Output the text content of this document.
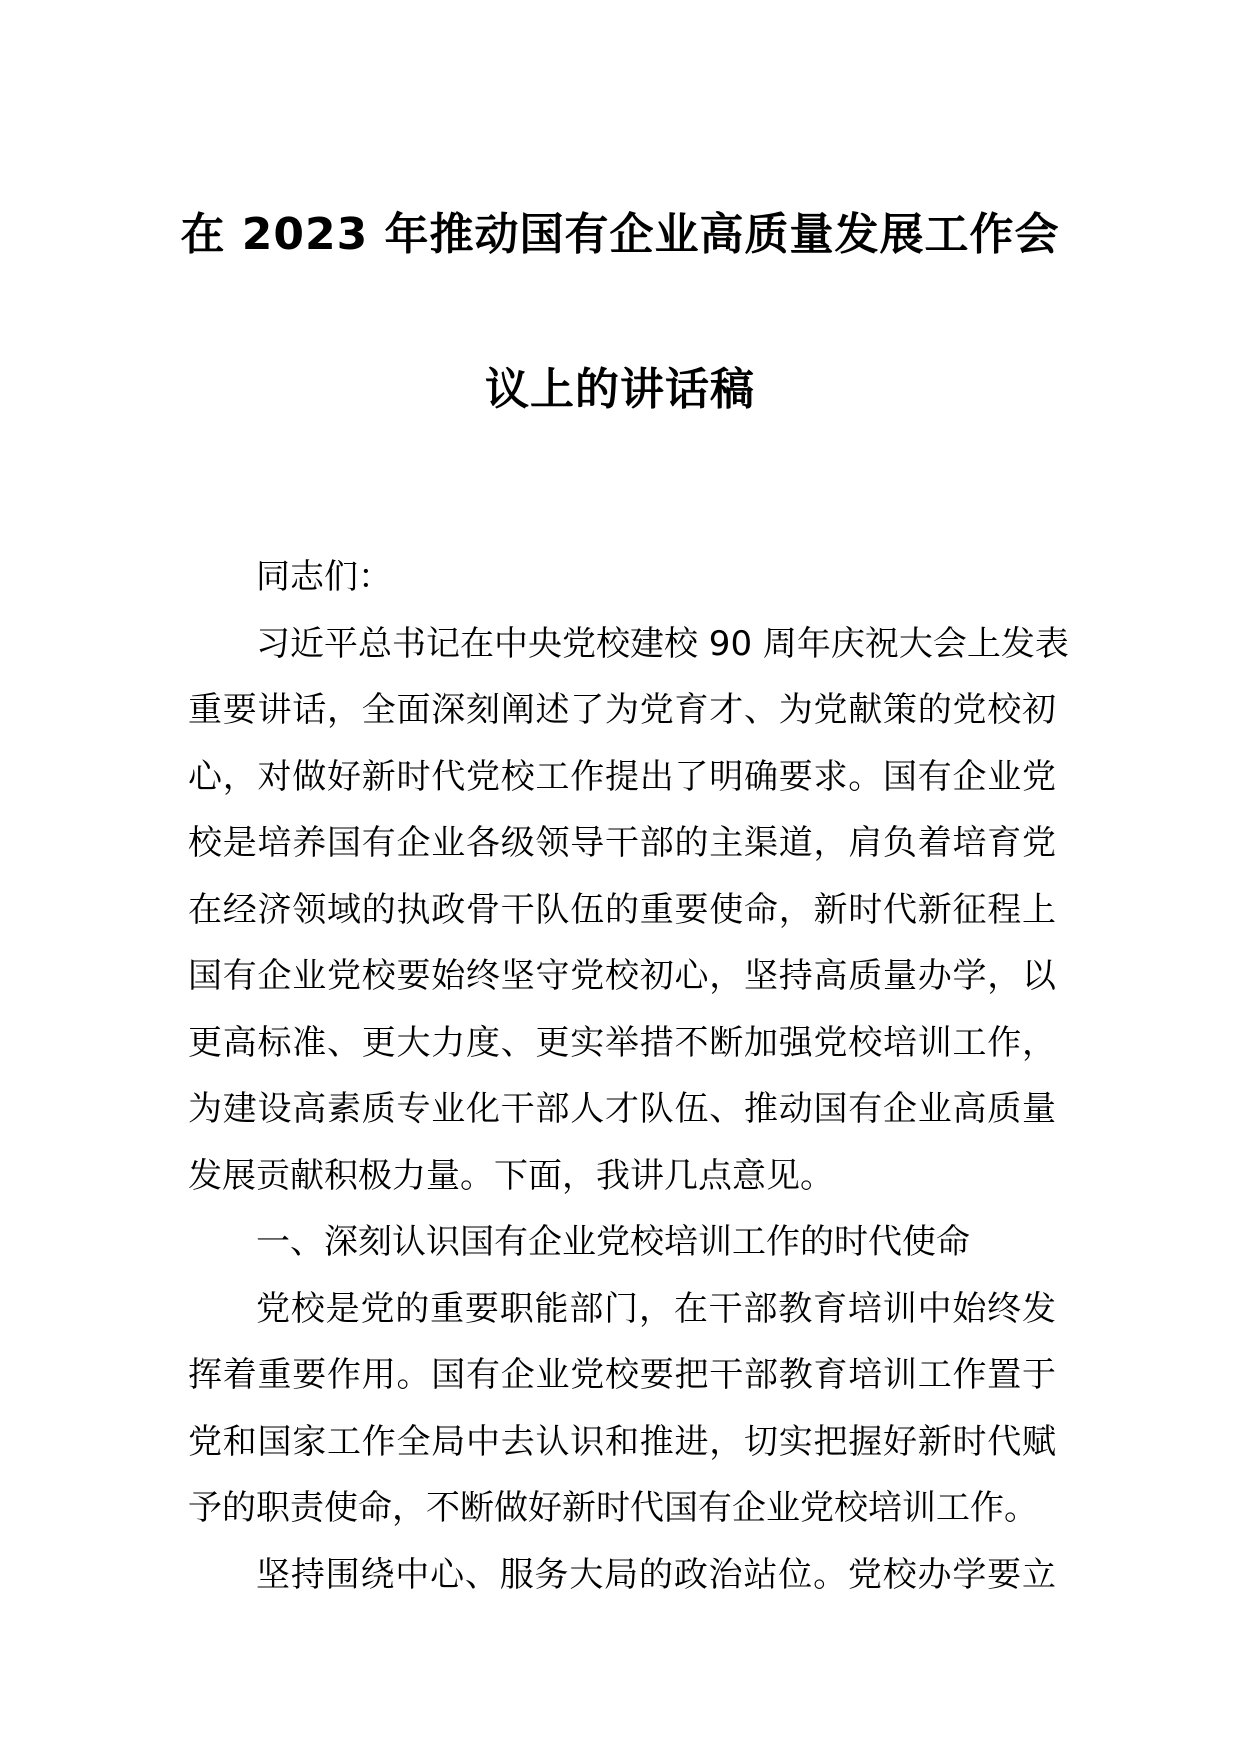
在 2023 年推动国有企业高质量发展工作会
议上的讲话稿
同志们：
习近平总书记在中央党校建校 90 周年庆祝大会上发表
重要讲话，全面深刻阐述了为党育才、为党献策的党校初
心，对做好新时代党校工作提出了明确要求。国有企业党
校是培养国有企业各级领导干部的主渠道，肩负着培育党
在经济领域的执政骨干队伍的重要使命，新时代新征程上
国有企业党校要始终坚守党校初心，坚持高质量办学，以
更高标准、更大力度、更实举措不断加强党校培训工作，
为建设高素质专业化干部人才队伍、推动国有企业高质量
发展贡献积极力量。下面，我讲几点意见。
一、深刻认识国有企业党校培训工作的时代使命
党校是党的重要职能部门，在干部教育培训中始终发
挥着重要作用。国有企业党校要把干部教育培训工作置于
党和国家工作全局中去认识和推进，切实把握好新时代赋
予的职责使命，不断做好新时代国有企业党校培训工作。
坚持围绕中心、服务大局的政治站位。党校办学要立
